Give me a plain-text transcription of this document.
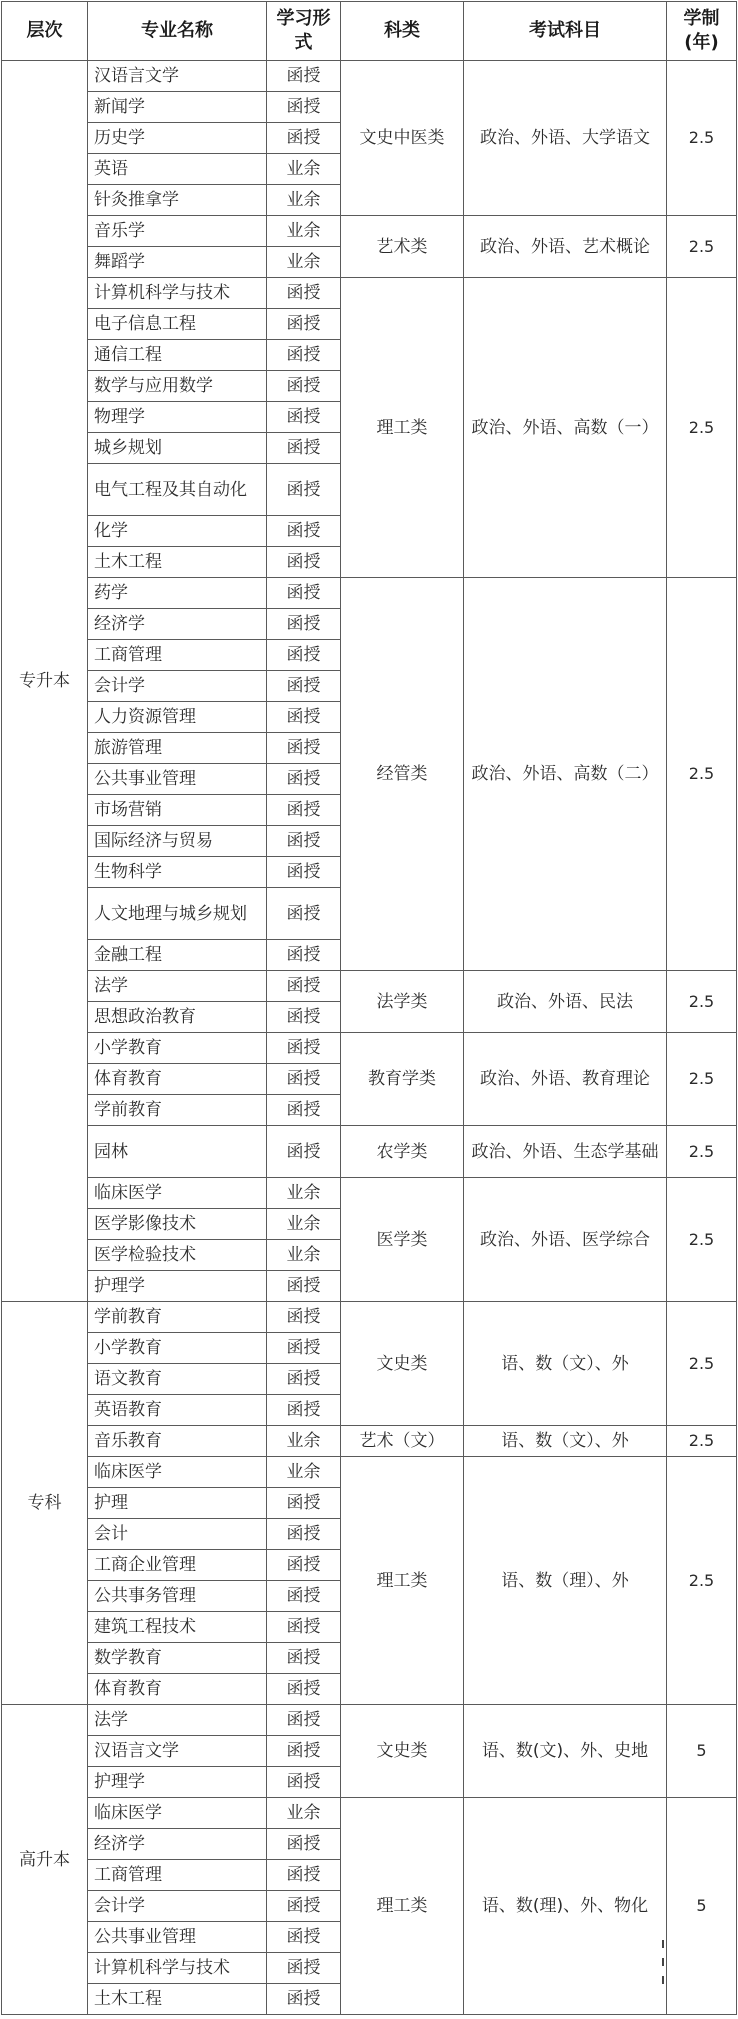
层次	专业名称	学习形式	科类	考试科目	学制(年)
专升本	汉语言文学	函授	文史中医类	政治、外语、大学语文	2.5
	新闻学	函授			
	历史学	函授			
	英语	业余			
	针灸推拿学	业余			
	音乐学	业余	艺术类	政治、外语、艺术概论	2.5
	舞蹈学	业余			
	计算机科学与技术	函授	理工类	政治、外语、高数（一）	2.5
	电子信息工程	函授			
	通信工程	函授			
	数学与应用数学	函授			
	物理学	函授			
	城乡规划	函授			
	电气工程及其自动化	函授			
	化学	函授			
	土木工程	函授			
	药学	函授	经管类	政治、外语、高数（二）	2.5
	经济学	函授			
	工商管理	函授			
	会计学	函授			
	人力资源管理	函授			
	旅游管理	函授			
	公共事业管理	函授			
	市场营销	函授			
	国际经济与贸易	函授			
	生物科学	函授			
	人文地理与城乡规划	函授			
	金融工程	函授			
	法学	函授	法学类	政治、外语、民法	2.5
	思想政治教育	函授			
	小学教育	函授	教育学类	政治、外语、教育理论	2.5
	体育教育	函授			
	学前教育	函授			
	园林	函授	农学类	政治、外语、生态学基础	2.5
	临床医学	业余	医学类	政治、外语、医学综合	2.5
	医学影像技术	业余			
	医学检验技术	业余			
	护理学	函授			
专科	学前教育	函授	文史类	语、数（文）、外	2.5
	小学教育	函授			
	语文教育	函授			
	英语教育	函授			
	音乐教育	业余	艺术（文）	语、数（文）、外	2.5
	临床医学	业余	理工类	语、数（理）、外	2.5
	护理	函授			
	会计	函授			
	工商企业管理	函授			
	公共事务管理	函授			
	建筑工程技术	函授			
	数学教育	函授			
	体育教育	函授			
高升本	法学	函授	文史类	语、数(文)、外、史地	5
	汉语言文学	函授			
	护理学	函授			
	临床医学	业余	理工类	语、数(理)、外、物化	5
	经济学	函授			
	工商管理	函授			
	会计学	函授			
	公共事业管理	函授			
	计算机科学与技术	函授			
	土木工程	函授			
